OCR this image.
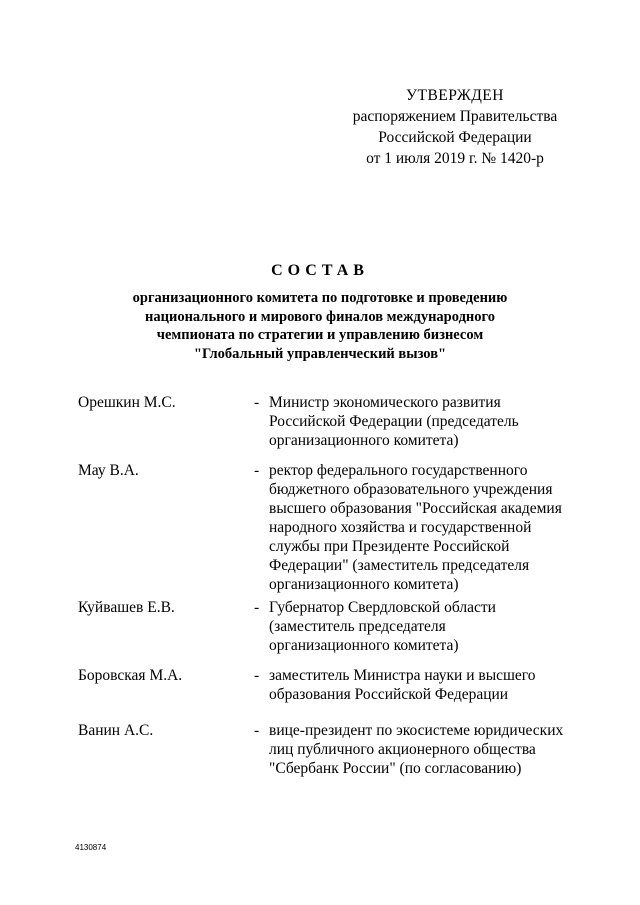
УТВЕРЖДЕН
распоряжением Правительства
Российской Федерации
от 1 июля 2019 г. № 1420-р
СОСТАВ
организационного комитета по подготовке и проведению
национального и мирового финалов международного
чемпионата по стратегии и управлению бизнесом
"Глобальный управленческий вызов"
Орешкин М.С.	- Министр экономического развития
Российской Федерации (председатель
организационного комитета)
Мау В.А.	- ректор федерального государственного
бюджетного образовательного учреждения
высшего образования "Российская академия
народного хозяйства и государственной
службы при Президенте Российской
Федерации" (заместитель председателя
организационного комитета)
Куйвашев Е.В.	- Губернатор Свердловской области
(заместитель председателя
организационного комитета)
Боровская М.А.	- заместитель Министра науки и высшего
образования Российской Федерации
Ванин А.С.	- вице-президент по экосистеме юридических
лиц публичного акционерного общества
"Сбербанк России" (по согласованию)
4130874
